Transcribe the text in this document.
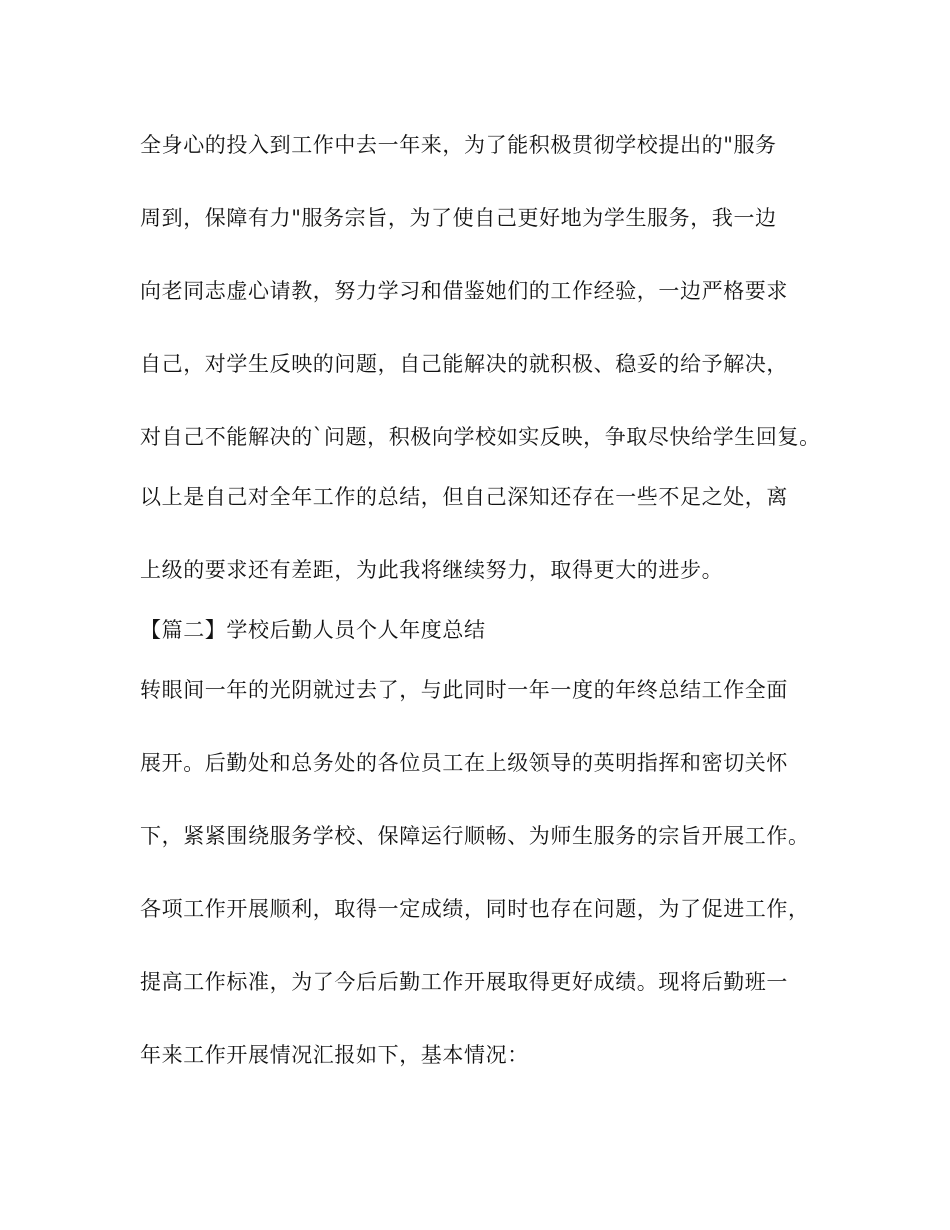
全身心的投入到工作中去一年来，为了能积极贯彻学校提出的"服务
周到，保障有力"服务宗旨，为了使自己更好地为学生服务，我一边
向老同志虚心请教，努力学习和借鉴她们的工作经验，一边严格要求
自己，对学生反映的问题，自己能解决的就积极、稳妥的给予解决，
对自己不能解决的`问题，积极向学校如实反映，争取尽快给学生回复。
以上是自己对全年工作的总结，但自己深知还存在一些不足之处，离
上级的要求还有差距，为此我将继续努力，取得更大的进步。
【篇二】学校后勤人员个人年度总结
转眼间一年的光阴就过去了，与此同时一年一度的年终总结工作全面
展开。后勤处和总务处的各位员工在上级领导的英明指挥和密切关怀
下，紧紧围绕服务学校、保障运行顺畅、为师生服务的宗旨开展工作。
各项工作开展顺利，取得一定成绩，同时也存在问题，为了促进工作，
提高工作标准，为了今后后勤工作开展取得更好成绩。现将后勤班一
年来工作开展情况汇报如下，基本情况：
